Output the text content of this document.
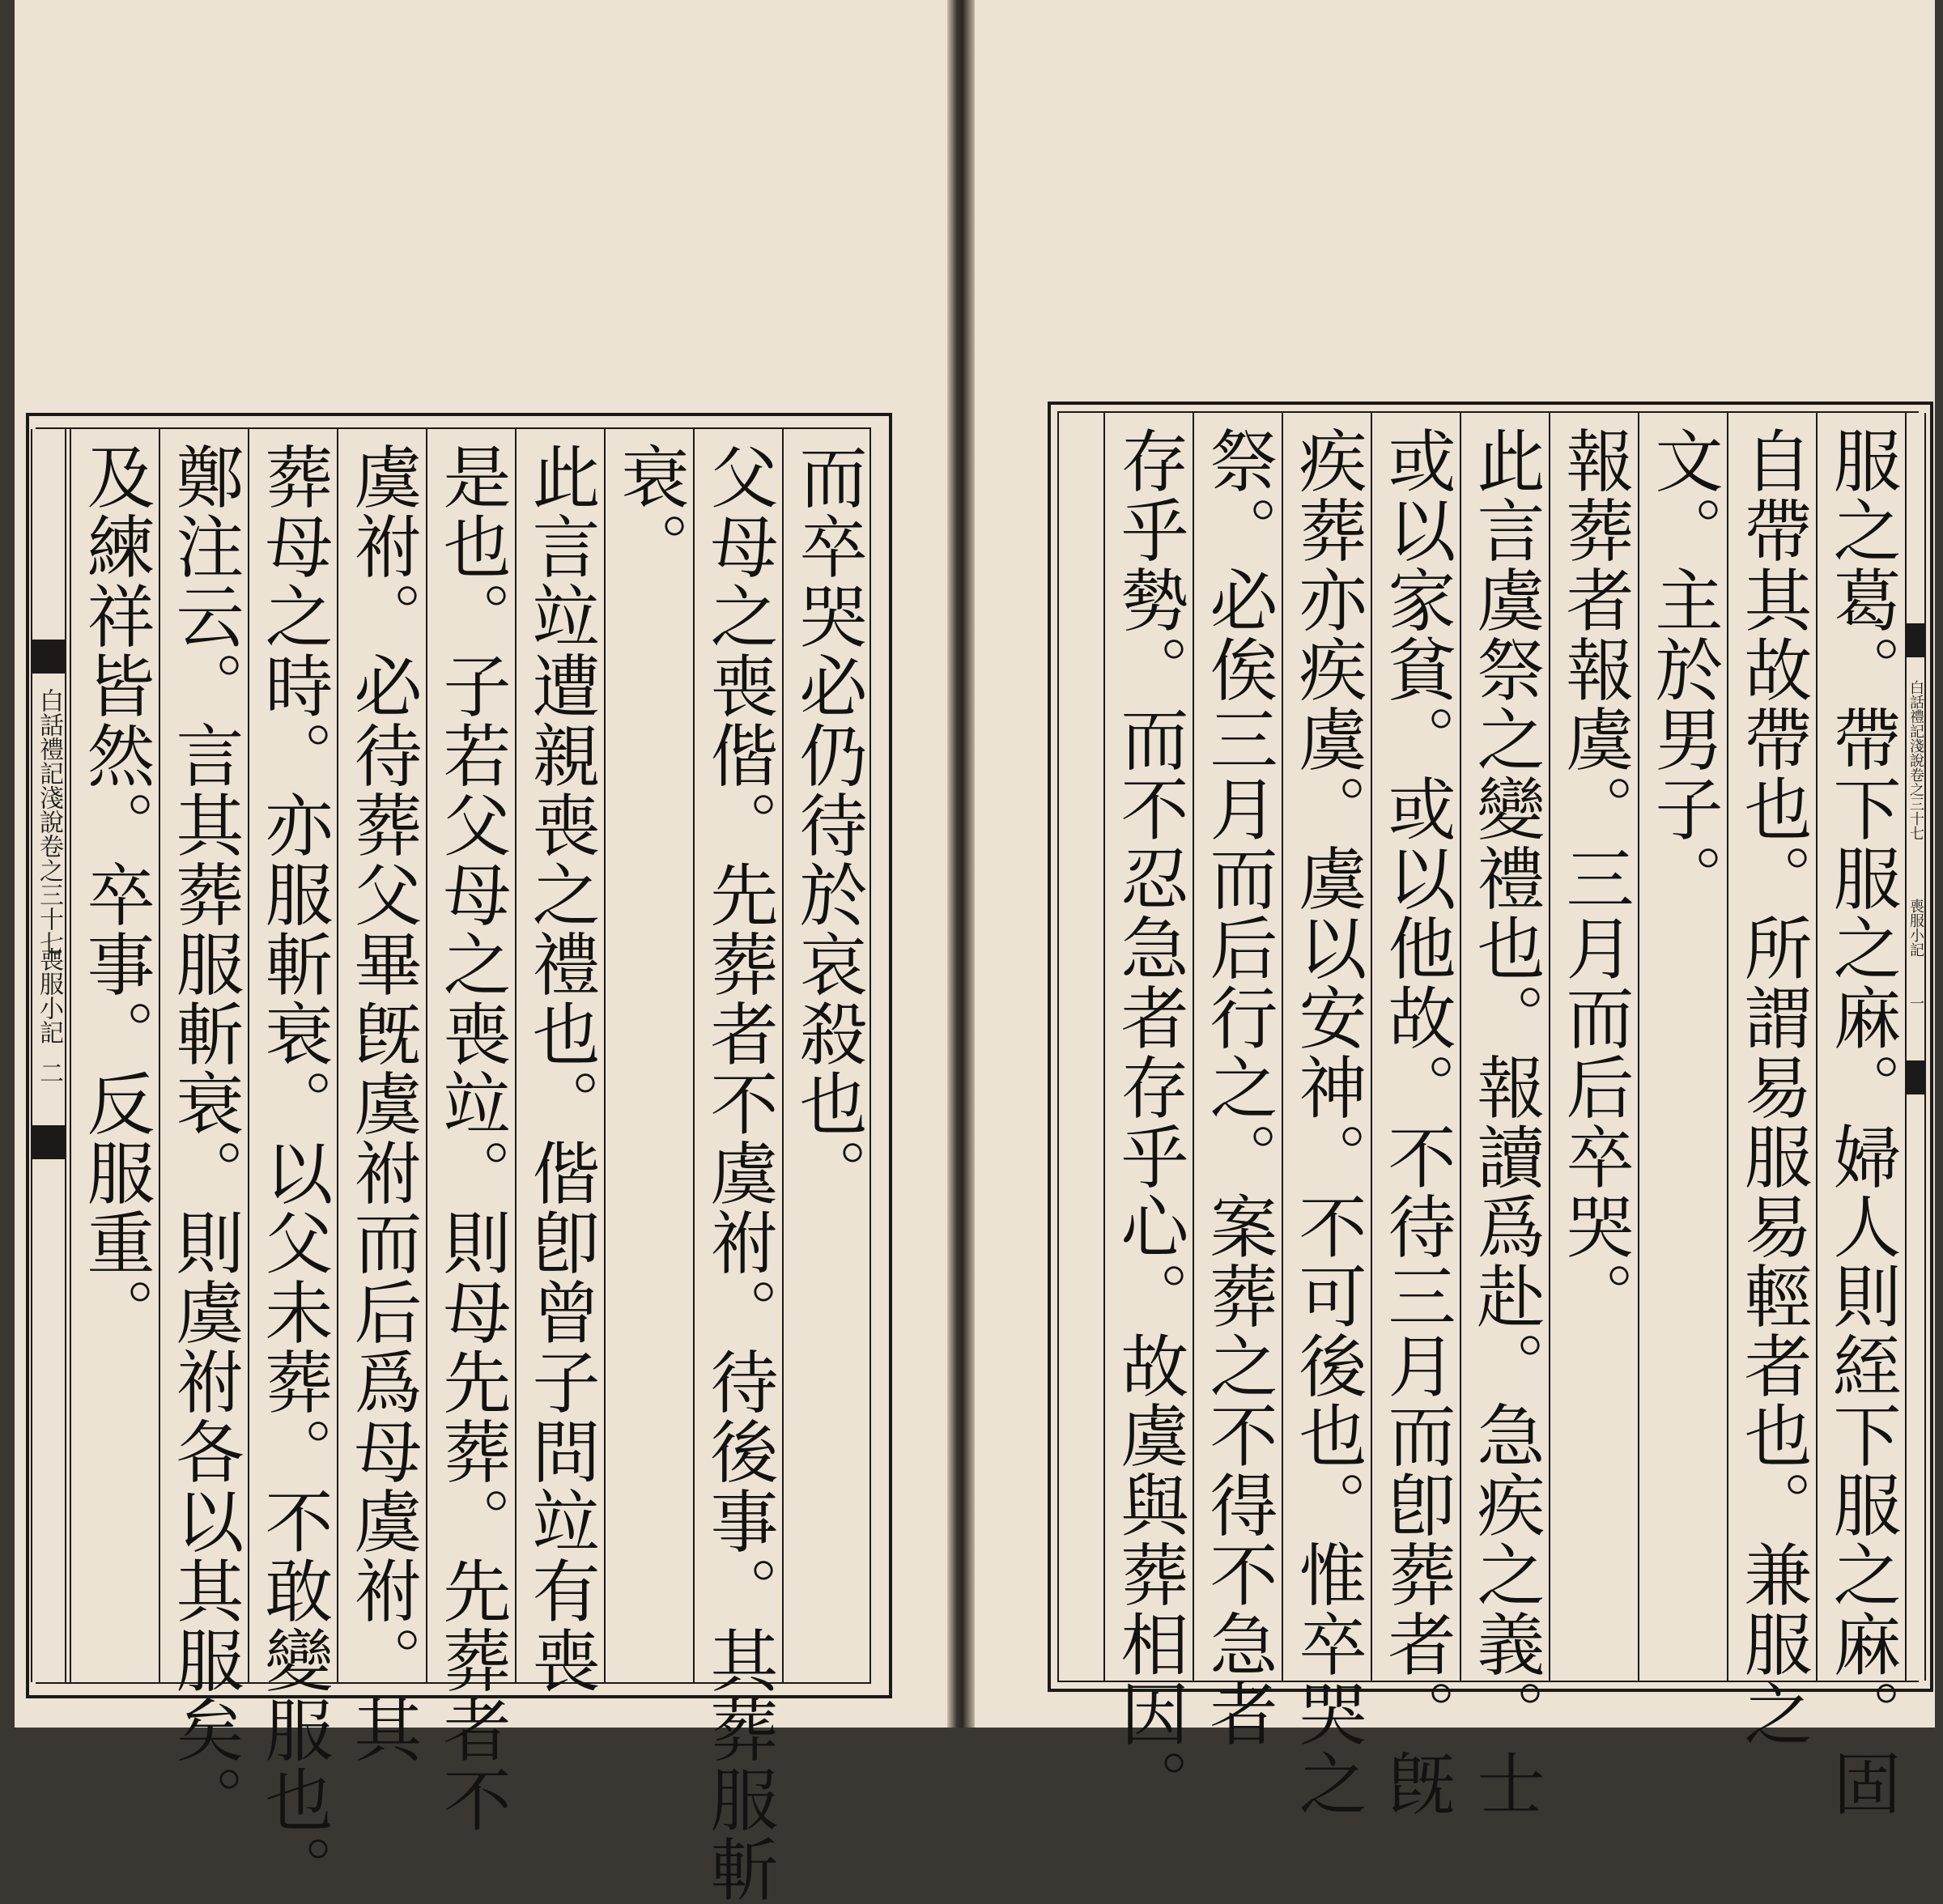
白話禮記淺說卷之三十七
喪服小記
二	而卒哭必仍待於哀殺也。
父母之喪偕。先葬者不虞祔。待後事。其葬服斬
衰。
此言竝遭親喪之禮也。偕卽曾子問竝有喪
是也。子若父母之喪竝。則母先葬。先葬者不
虞祔。必待葬父畢旣虞祔而后爲母虞祔。其
葬母之時。亦服斬衰。以父未葬。不敢變服也。
鄭注云。言其葬服斬衰。則虞祔各以其服矣。
及練祥皆然。卒事。反服重。	服之葛。帶下服之麻。婦人則絰下服之麻。固
自帶其故帶也。所謂易服易輕者也。兼服之
文。主於男子。
報葬者報虞。三月而后卒哭。
此言虞祭之變禮也。報讀爲赴。急疾之義。士
或以家貧。或以他故。不待三月而卽葬者。旣
疾葬亦疾虞。虞以安神。不可後也。惟卒哭之
祭。必俟三月而后行之。案葬之不得不急者
存乎勢。而不忍急者存乎心。故虞與葬相因。	白話禮記淺說卷之三十七
喪服小記
一
